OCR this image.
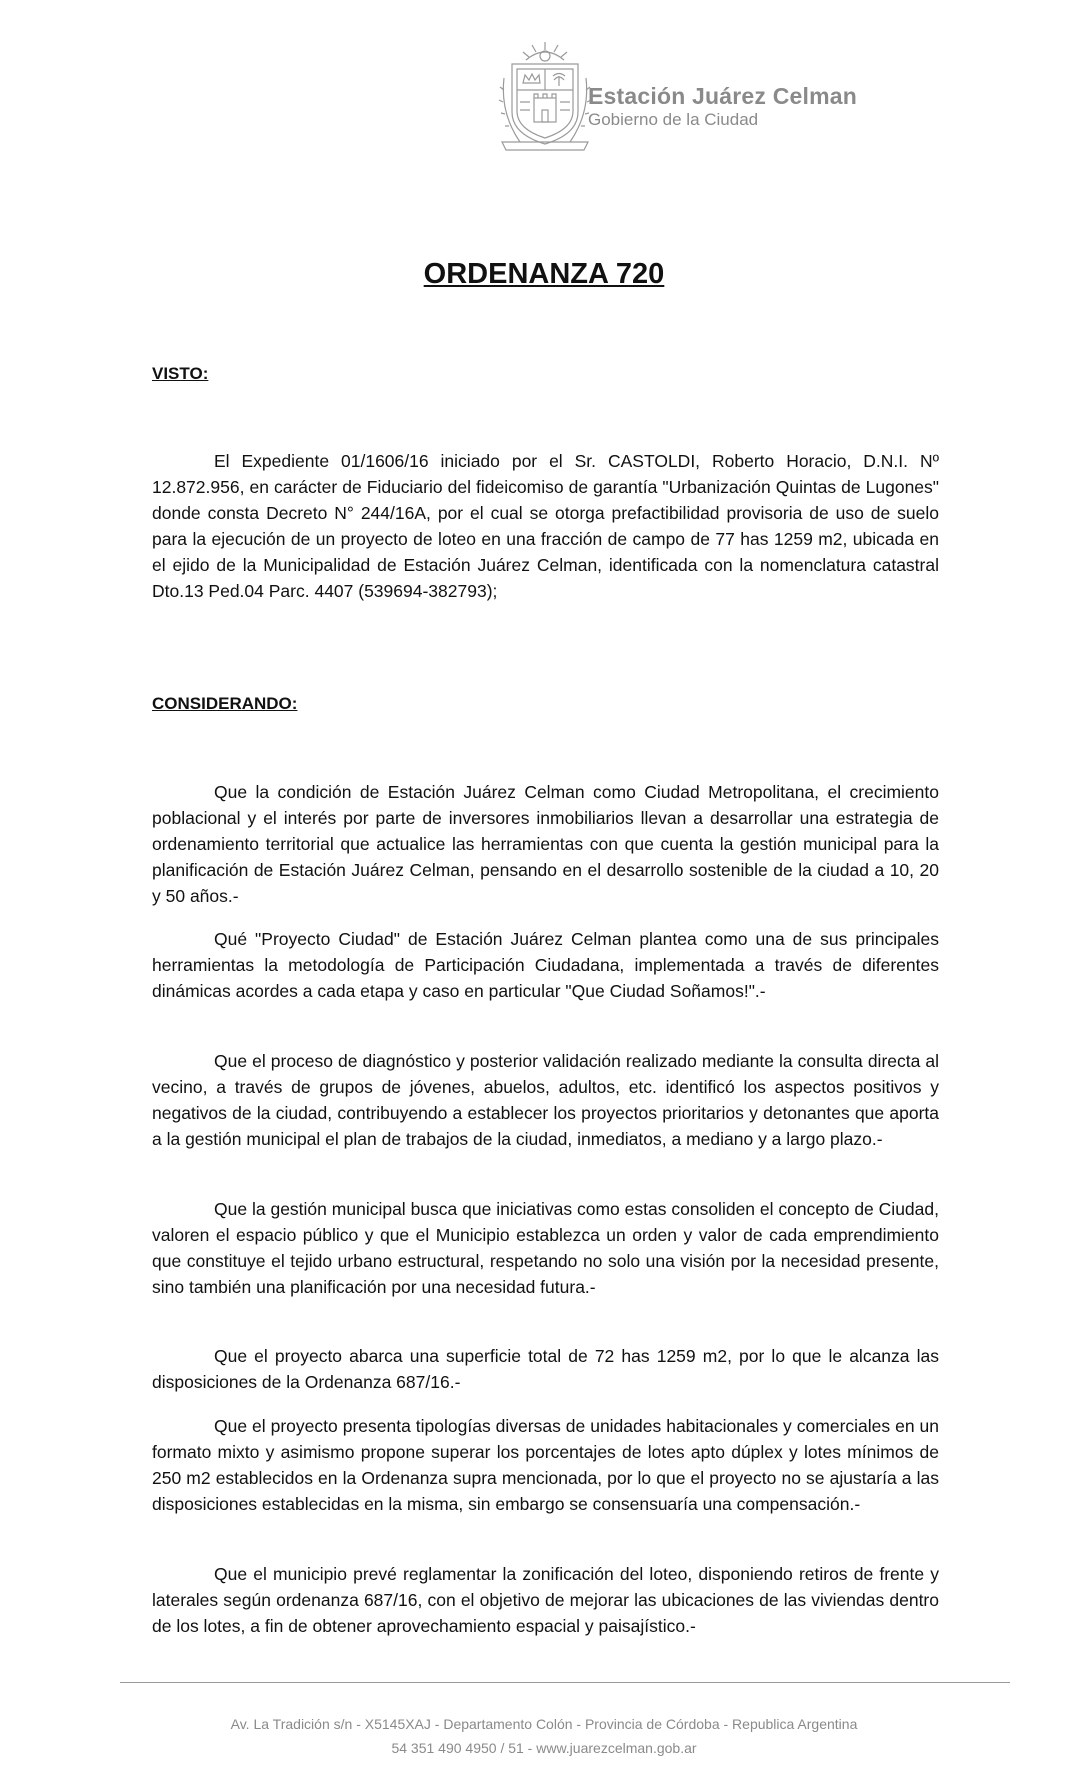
Estación Juárez Celman
Gobierno de la Ciudad
ORDENANZA 720
VISTO:

El Expediente 01/1606/16 iniciado por el Sr. CASTOLDI, Roberto Horacio, D.N.I. Nº 12.872.956, en carácter de Fiduciario del fideicomiso de garantía "Urbanización Quintas de Lugones" donde consta Decreto N° 244/16A, por el cual se otorga prefactibilidad provisoria de uso de suelo para la ejecución de un proyecto de loteo en una fracción de campo de 77 has 1259 m2, ubicada en el ejido de la Municipalidad de Estación Juárez Celman, identificada con la nomenclatura catastral Dto.13 Ped.04 Parc. 4407 (539694-382793);

CONSIDERANDO:

Que la condición de Estación Juárez Celman como Ciudad Metropolitana, el crecimiento poblacional y el interés por parte de inversores inmobiliarios llevan a desarrollar una estrategia de ordenamiento territorial que actualice las herramientas con que cuenta la gestión municipal para la planificación de Estación Juárez Celman, pensando en el desarrollo sostenible de la ciudad a 10, 20 y 50 años.-

Qué "Proyecto Ciudad" de Estación Juárez Celman plantea como una de sus principales herramientas la metodología de Participación Ciudadana, implementada a través de diferentes dinámicas acordes a cada etapa y caso en particular "Que Ciudad Soñamos!".-

Que el proceso de diagnóstico y posterior validación realizado mediante la consulta directa al vecino, a través de grupos de jóvenes, abuelos, adultos, etc. identificó los aspectos positivos y negativos de la ciudad, contribuyendo a establecer los proyectos prioritarios y detonantes que aporta a la gestión municipal el plan de trabajos de la ciudad, inmediatos, a mediano y a largo plazo.-

Que la gestión municipal busca que iniciativas como estas consoliden el concepto de Ciudad, valoren el espacio público y que el Municipio establezca un orden y valor de cada emprendimiento que constituye el tejido urbano estructural, respetando no solo una visión por la necesidad presente, sino también una planificación por una necesidad futura.-

Que el proyecto abarca una superficie total de 72 has 1259 m2, por lo que le alcanza las disposiciones de la Ordenanza 687/16.-

Que el proyecto presenta tipologías diversas de unidades habitacionales y comerciales en un formato mixto y asimismo propone superar los porcentajes de lotes apto dúplex y lotes mínimos de 250 m2 establecidos en la Ordenanza supra mencionada, por lo que el proyecto no se ajustaría a las disposiciones establecidas en la misma, sin embargo se consensuaría una compensación.-

Que el municipio prevé reglamentar la zonificación del loteo, disponiendo retiros de frente y laterales según ordenanza 687/16, con el objetivo de mejorar las ubicaciones de las viviendas dentro de los lotes, a fin de obtener aprovechamiento espacial y paisajístico.-

Av. La Tradición s/n - X5145XAJ - Departamento Colón - Provincia de Córdoba - Republica Argentina
54 351 490 4950 / 51 - www.juarezcelman.gob.ar
